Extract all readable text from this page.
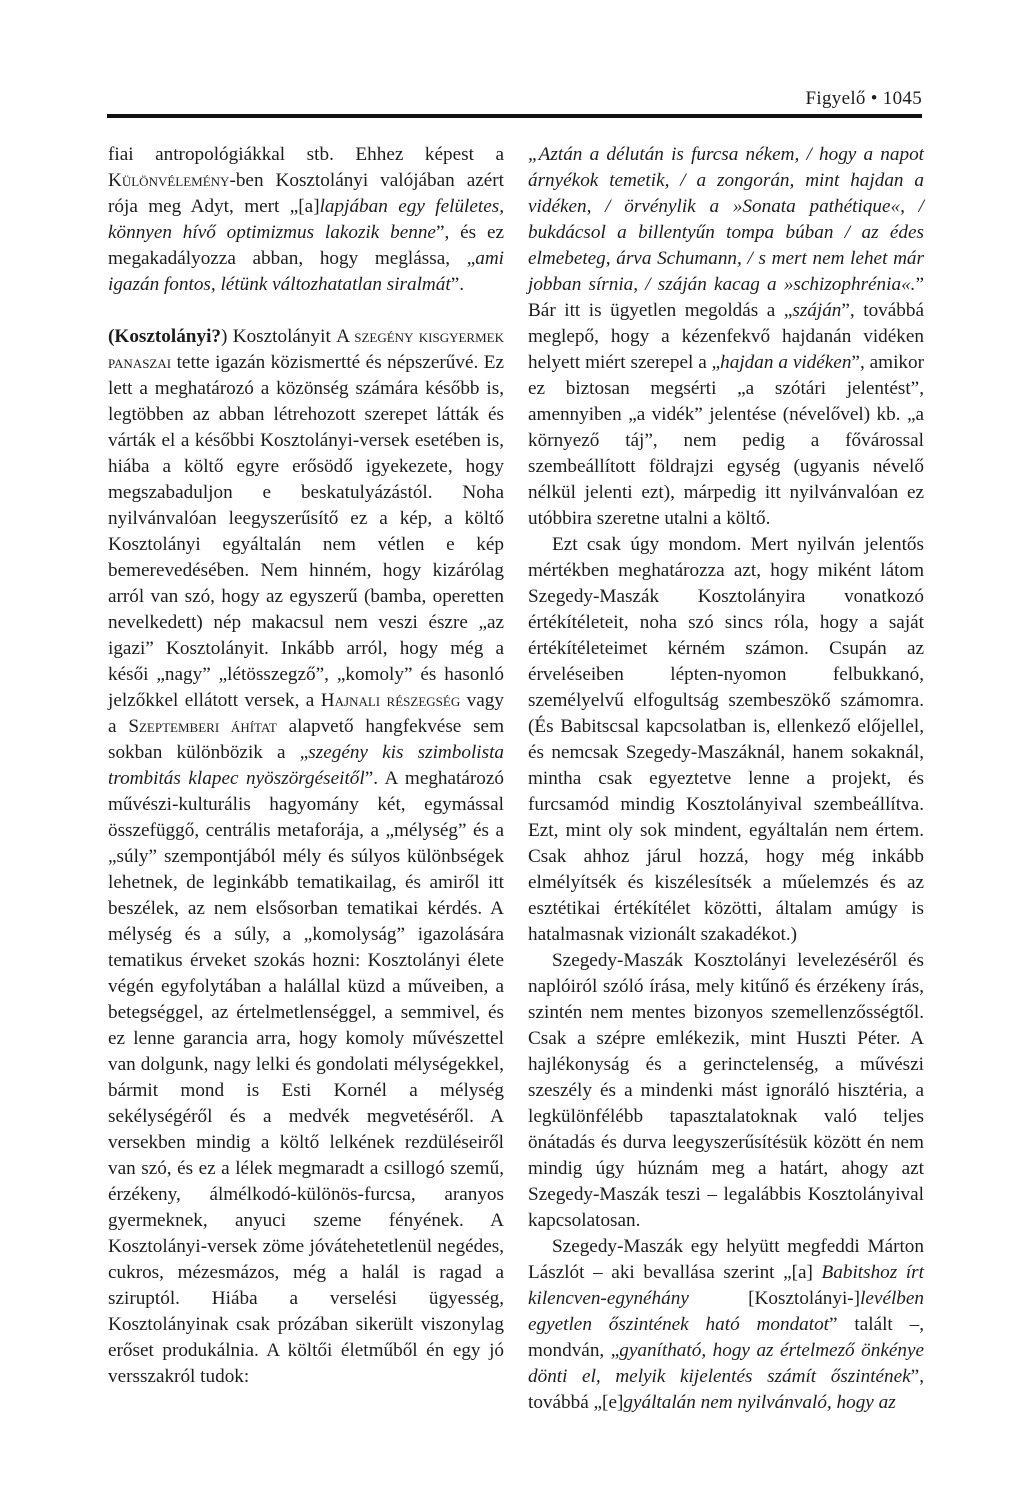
Figyelő • 1045

fiai antropológiákkal stb. Ehhez képest a Különvélemény-ben Kosztolányi valójában azért rója meg Adyt, mert „[a]lapjában egy felületes, könnyen hívő optimizmus lakozik benne”, és ez megakadályozza abban, hogy meglássa, „ami igazán fontos, létünk változhatatlan siralmát”.

(Kosztolányi?) Kosztolányit A szegény kisgyermek panaszai tette igazán közismertté és népszerűvé. Ez lett a meghatározó a közönség számára később is, legtöbben az abban létrehozott szerepet látták és várták el a későbbi Kosztolányi-versek esetében is, hiába a költő egyre erősödő igyekezete, hogy megszabaduljon e beskatulyázástól. Noha nyilvánvalóan leegyszerűsítő ez a kép, a költő Kosztolányi egyáltalán nem vétlen e kép bemerevedésében. Nem hinném, hogy kizárólag arról van szó, hogy az egyszerű (bamba, operetten nevelkedett) nép makacsul nem veszi észre „az igazi” Kosztolányit. Inkább arról, hogy még a késői „nagy” „létösszegző”, „komoly” és hasonló jelzőkkel ellátott versek, a Hajnali részegség vagy a Szeptemberi áhítat alapvető hangfekvése sem sokban különbözik a „szegény kis szimbolista trombitás klapec nyöszörgéseitől”. A meghatározó művészi-kulturális hagyomány két, egymással összefüggő, centrális metaforája, a „mélység” és a „súly” szempontjából mély és súlyos különbségek lehetnek, de leginkább tematikailag, és amiről itt beszélek, az nem elsősorban tematikai kérdés. A mélység és a súly, a „komolyság” igazolására tematikus érveket szokás hozni: Kosztolányi élete végén egyfolytában a halállal küzd a műveiben, a betegséggel, az értelmetlenséggel, a semmivel, és ez lenne garancia arra, hogy komoly művészettel van dolgunk, nagy lelki és gondolati mélységekkel, bármit mond is Esti Kornél a mélység sekélységéről és a medvék megvetéséről. A versekben mindig a költő lelkének rezdüléseiről van szó, és ez a lélek megmaradt a csillogó szemű, érzékeny, álmélkodó-különös-furcsa, aranyos gyermeknek, anyuci szeme fényének. A Kosztolányi-versek zöme jóvátehetetlenül negédes, cukros, mézesmázos, még a halál is ragad a sziruptól. Hiába a verselési ügyesség, Kosztolányinak csak prózában sikerült viszonylag erőset produkálnia. A költői életműből én egy jó versszakról tudok:

„Aztán a délután is furcsa nékem, / hogy a napot árnyékok temetik, / a zongorán, mint hajdan a vidéken, / örvénylik a »Sonata pathétique«, / bukdácsol a billentyűn tompa búban / az édes elmebeteg, árva Schumann, / s mert nem lehet már jobban sírnia, / száján kacag a »schizophrénia«.” Bár itt is ügyetlen megoldás a „száján”, továbbá meglepő, hogy a kézenfekvő hajdanán vidéken helyett miért szerepel a „hajdan a vidéken”, amikor ez biztosan megsérti „a szótári jelentést”, amennyiben „a vidék” jelentése (névelővel) kb. „a környező táj”, nem pedig a fővárossal szembeállított földrajzi egység (ugyanis névelő nélkül jelenti ezt), márpedig itt nyilvánvalóan ez utóbbira szeretne utalni a költő.

Ezt csak úgy mondom. Mert nyilván jelentős mértékben meghatározza azt, hogy miként látom Szegedy-Maszák Kosztolányira vonatkozó értékítéleteit, noha szó sincs róla, hogy a saját értékítéleteimet kérném számon. Csupán az érveléseiben lépten-nyomon felbukkanó, személyelvű elfogultság szembeszökő számomra. (És Babitscsal kapcsolatban is, ellenkező előjellel, és nemcsak Szegedy-Maszáknál, hanem sokaknál, mintha csak egyeztetve lenne a projekt, és furcsamód mindig Kosztolányival szembeállítva. Ezt, mint oly sok mindent, egyáltalán nem értem. Csak ahhoz járul hozzá, hogy még inkább elmélyítsék és kiszélesítsék a műelemzés és az esztétikai értékítélet közötti, általam amúgy is hatalmasnak vizionált szakadékot.)

Szegedy-Maszák Kosztolányi levelezéséről és naplóiról szóló írása, mely kitűnő és érzékeny írás, szintén nem mentes bizonyos szemellenzősségtől. Csak a szépre emlékezik, mint Huszti Péter. A hajlékonyság és a gerinctelenség, a művészi szeszély és a mindenki mást ignoráló hisztéria, a legkülönfélébb tapasztalatoknak való teljes önátadás és durva leegyszerűsítésük között én nem mindig úgy húznám meg a határt, ahogy azt Szegedy-Maszák teszi – legalábbis Kosztolányival kapcsolatosan.

Szegedy-Maszák egy helyütt megfeddi Márton Lászlót – aki bevallása szerint „[a] Babitshoz írt kilencven-egynéhány [Kosztolányi-]levélben egyetlen őszintének ható mondatot” talált –, mondván, „gyanítható, hogy az értelmező önkénye dönti el, melyik kijelentés számít őszintének”, továbbá „[e]gyáltalán nem nyilvánvaló, hogy az
